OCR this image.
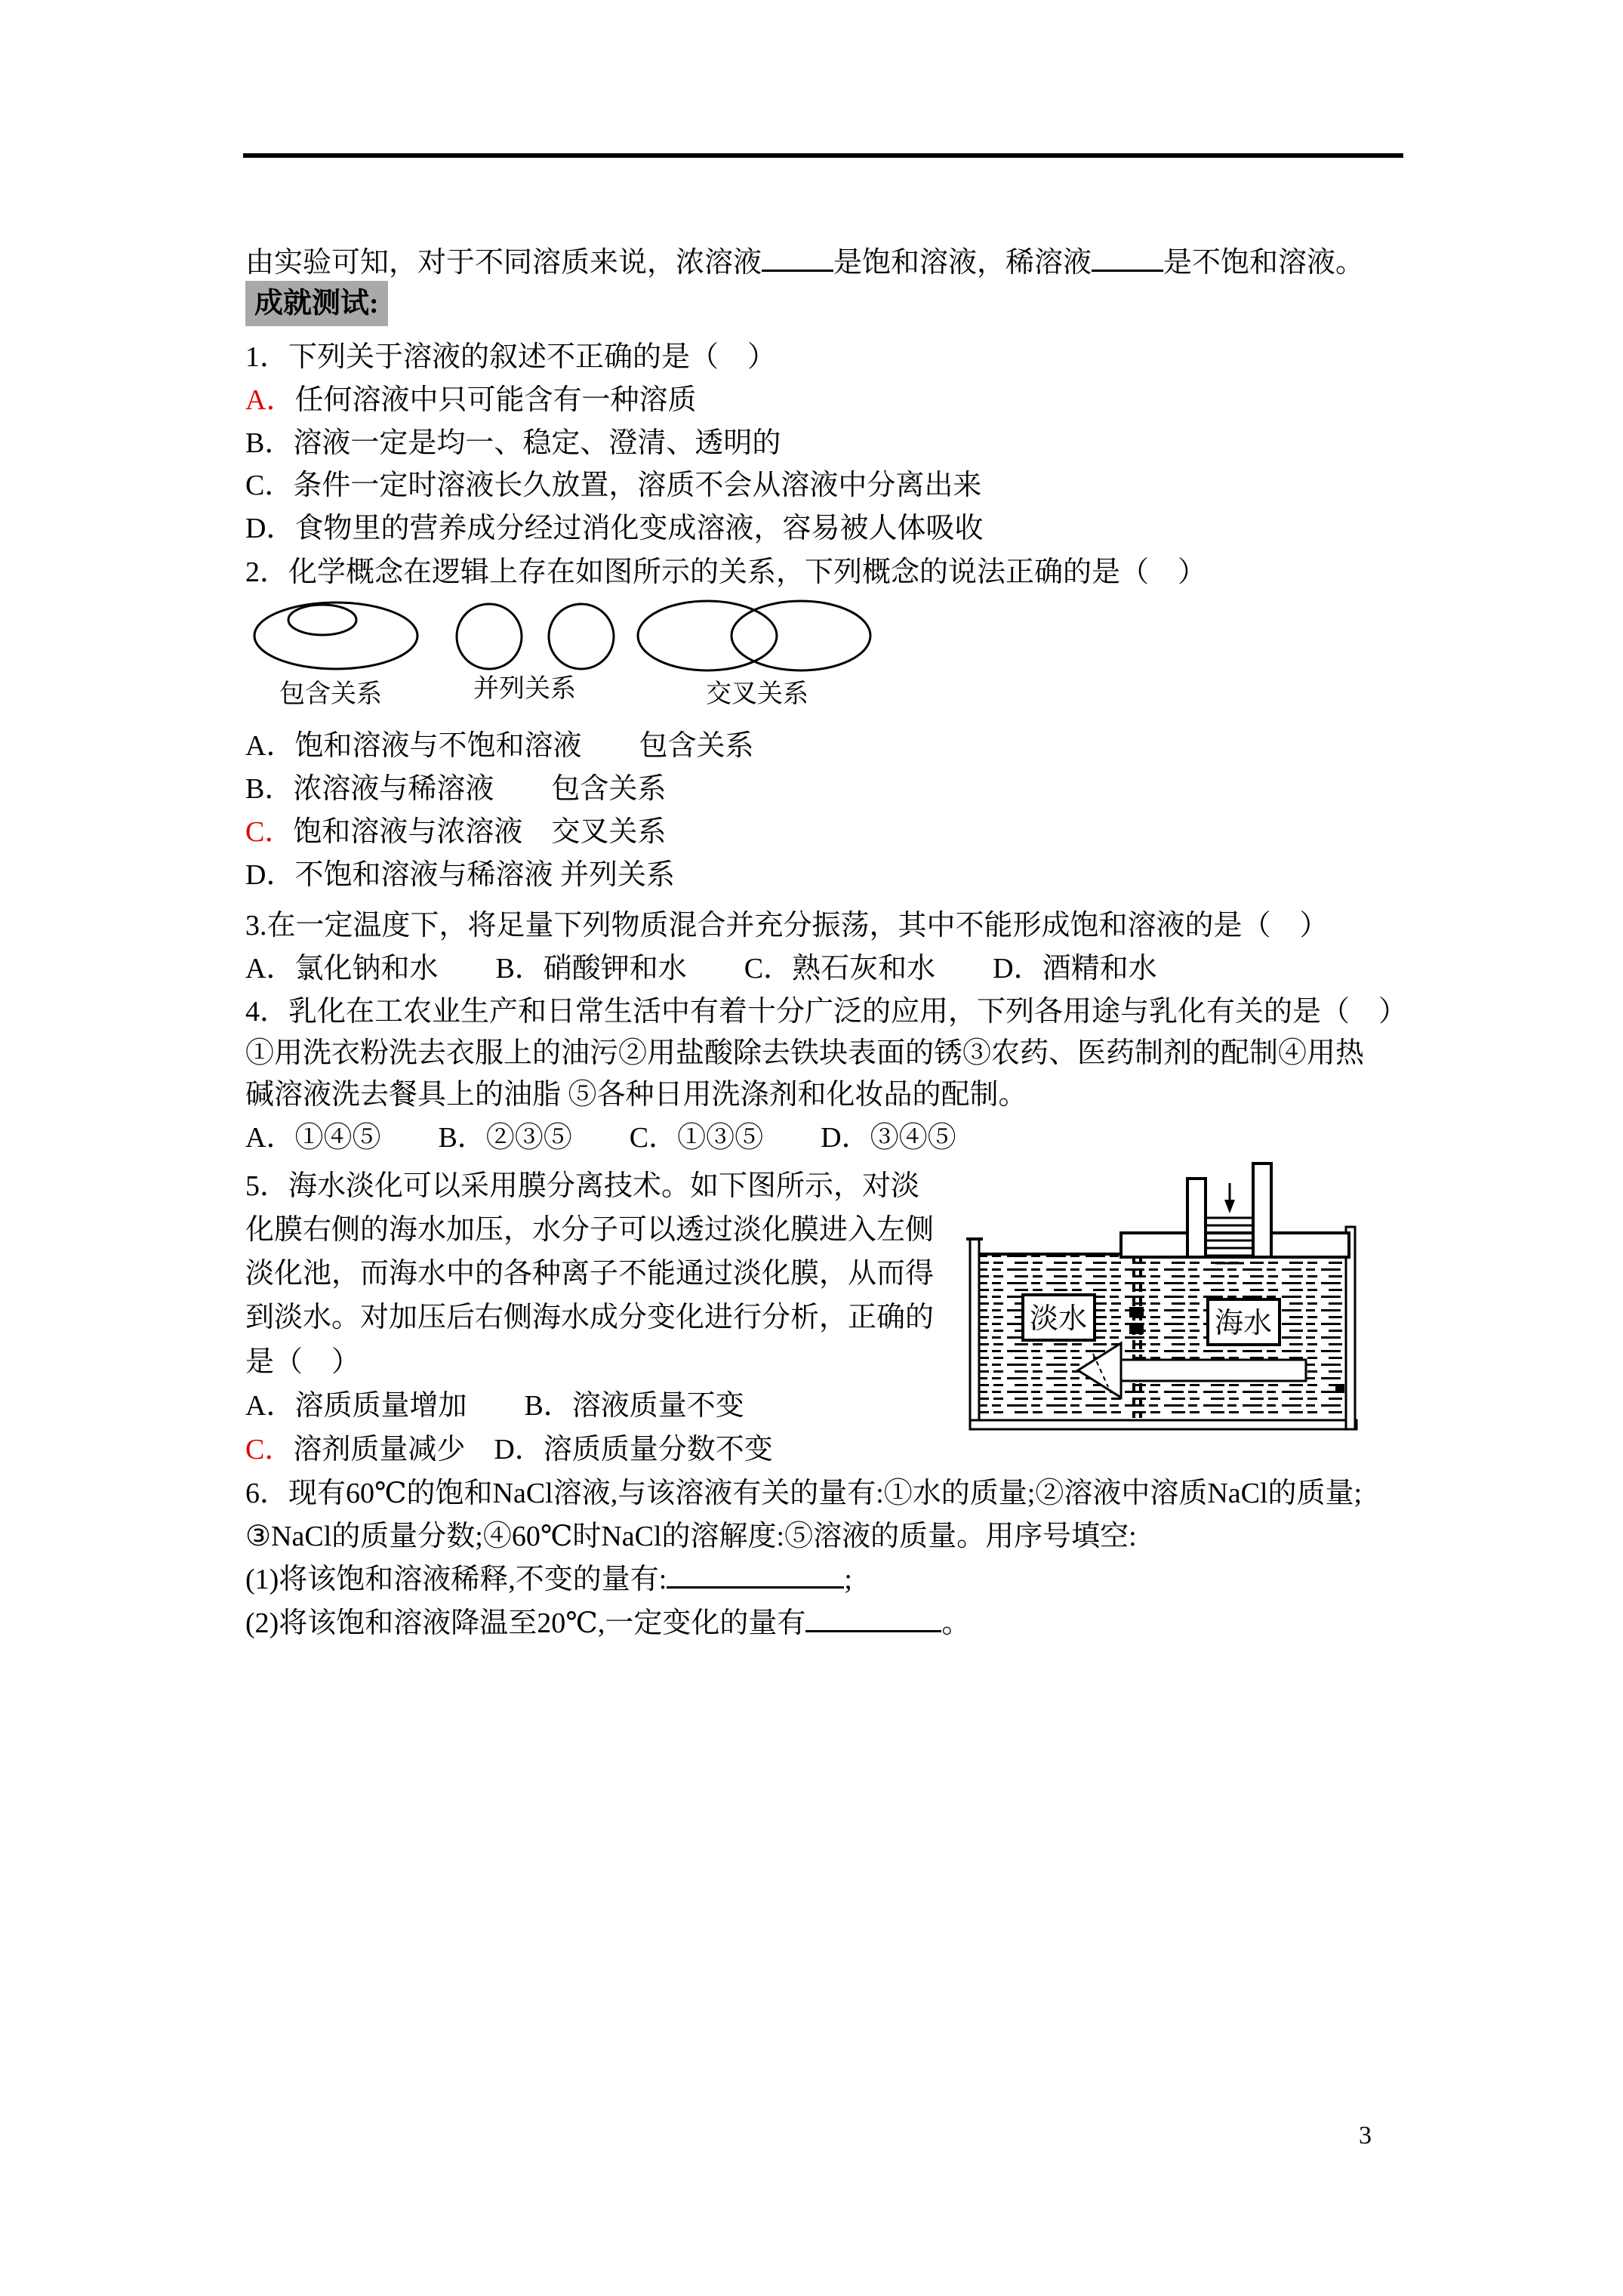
由实验可知，对于不同溶质来说，浓溶液	是饱和溶液，稀溶液	是不饱和溶液。
成就测试:
1．下列关于溶液的叙述不正确的是（　）
A．任何溶液中只可能含有一种溶质
B．溶液一定是均一、稳定、澄清、透明的
C．条件一定时溶液长久放置，溶质不会从溶液中分离出来
D．食物里的营养成分经过消化变成溶液，容易被人体吸收
2．化学概念在逻辑上存在如图所示的关系，下列概念的说法正确的是（　）
包含关系	并列关系	交叉关系
A．饱和溶液与不饱和溶液　　包含关系
B．浓溶液与稀溶液　　包含关系
C．饱和溶液与浓溶液　交叉关系
D．不饱和溶液与稀溶液 并列关系
3.在一定温度下，将足量下列物质混合并充分振荡，其中不能形成饱和溶液的是（　）
A．氯化钠和水　　B．硝酸钾和水　　C．熟石灰和水　　D．酒精和水
4．乳化在工农业生产和日常生活中有着十分广泛的应用，下列各用途与乳化有关的是（　）
①用洗衣粉洗去衣服上的油污②用盐酸除去铁块表面的锈③农药、医药制剂的配制④用热
碱溶液洗去餐具上的油脂 ⑤各种日用洗涤剂和化妆品的配制。
A．①④⑤　　B．②③⑤　　C．①③⑤　　D．③④⑤
5．海水淡化可以采用膜分离技术。如下图所示，对淡
化膜右侧的海水加压，水分子可以透过淡化膜进入左侧
淡化池，而海水中的各种离子不能通过淡化膜，从而得
到淡水。对加压后右侧海水成分变化进行分析，正确的
是（　）
A．溶质质量增加　　B．溶液质量不变
C．溶剂质量减少　D．溶质质量分数不变
淡水	海水
6．现有60℃的饱和NaCl溶液,与该溶液有关的量有:①水的质量;②溶液中溶质NaCl的质量;
③NaCl的质量分数;④60℃时NaCl的溶解度:⑤溶液的质量。用序号填空:
(1)将该饱和溶液稀释,不变的量有:	;
(2)将该饱和溶液降温至20℃,一定变化的量有	。
3
